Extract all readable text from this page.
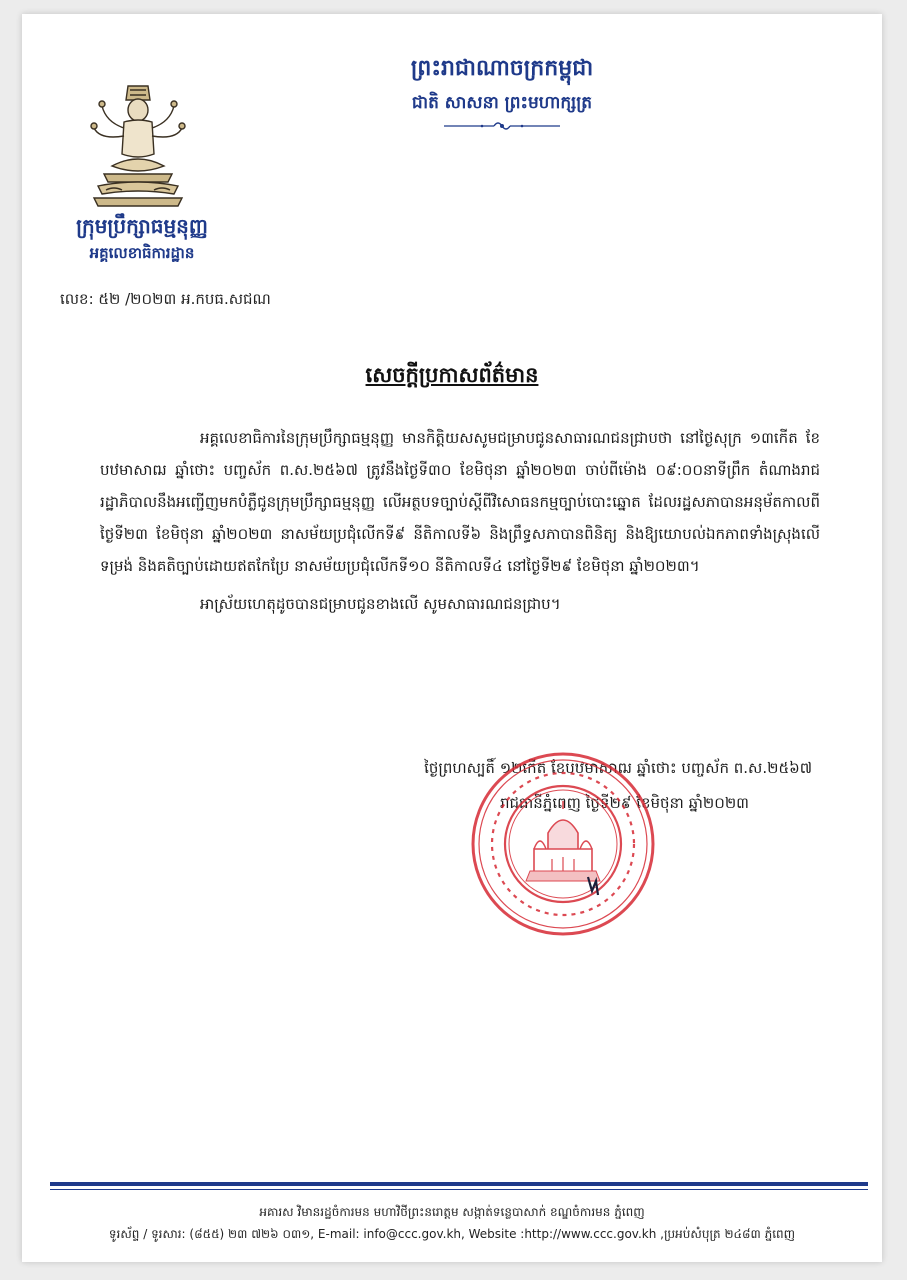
ក្រុមប្រឹក្សាធម្មនុញ្ញ
អគ្គលេខាធិការដ្ឋាន
ព្រះរាជាណាចក្រកម្ពុជា
ជាតិ សាសនា ព្រះមហាក្សត្រ
លេខ: ៥២ /២០២៣ អ.កបធ.សជណ
សេចក្តីប្រកាសព័ត៌មាន

អគ្គលេខាធិការនៃក្រុមប្រឹក្សាធម្មនុញ្ញ មានកិត្តិយសសូមជម្រាបជូនសាធារណជនជ្រាបថា នៅថ្ងៃសុក្រ ១៣កើត ខែបឋមាសាឍ ឆ្នាំថោះ បញ្ចស័ក ព.ស.២៥៦៧ ត្រូវនឹងថ្ងៃទី៣០ ខែមិថុនា ឆ្នាំ២០២៣ ចាប់ពីម៉ោង ០៩:០០នាទីព្រឹក តំណាងរាជរដ្ឋាភិបាលនឹងអញ្ជើញមកបំភ្លឺជូនក្រុមប្រឹក្សាធម្មនុញ្ញ លើអត្ថបទច្បាប់ស្តីពីវិសោធនកម្មច្បាប់បោះឆ្នោត ដែលរដ្ឋសភាបានអនុម័តកាលពីថ្ងៃទី២៣ ខែមិថុនា ឆ្នាំ២០២៣ នាសម័យប្រជុំលើកទី៩ នីតិកាលទី៦ និងព្រឹទ្ធសភាបានពិនិត្យ និងឱ្យយោបល់ឯកភាពទាំងស្រុងលើទម្រង់ និងគតិច្បាប់ដោយឥតកែប្រែ នាសម័យប្រជុំលើកទី១០ នីតិកាលទី៤ នៅថ្ងៃទី២៩ ខែមិថុនា ឆ្នាំ២០២៣។

អាស្រ័យហេតុដូចបានជម្រាបជូនខាងលើ សូមសាធារណជនជ្រាប។

ថ្ងៃព្រហស្បតិ៍ ១២កើត ខែបឋមាសាឍ ឆ្នាំថោះ បញ្ចស័ក ព.ស.២៥៦៧
រាជធានីភ្នំពេញ ថ្ងៃទី២៩ ខែមិថុនា ឆ្នាំ២០២៣
អគារស វិមានរដ្ឋចំការមន មហាវិថីព្រះនរោត្តម សង្កាត់ទន្លេបាសាក់ ខណ្ឌចំការមន ភ្នំពេញ
ទូរស័ព្ទ / ទូរសារ: (៨៥៥) ២៣ ៧២៦ ០៣១, E-mail: info@ccc.gov.kh, Website :http://www.ccc.gov.kh ,ប្រអប់សំបុត្រ ២៤៨៣ ភ្នំពេញ
